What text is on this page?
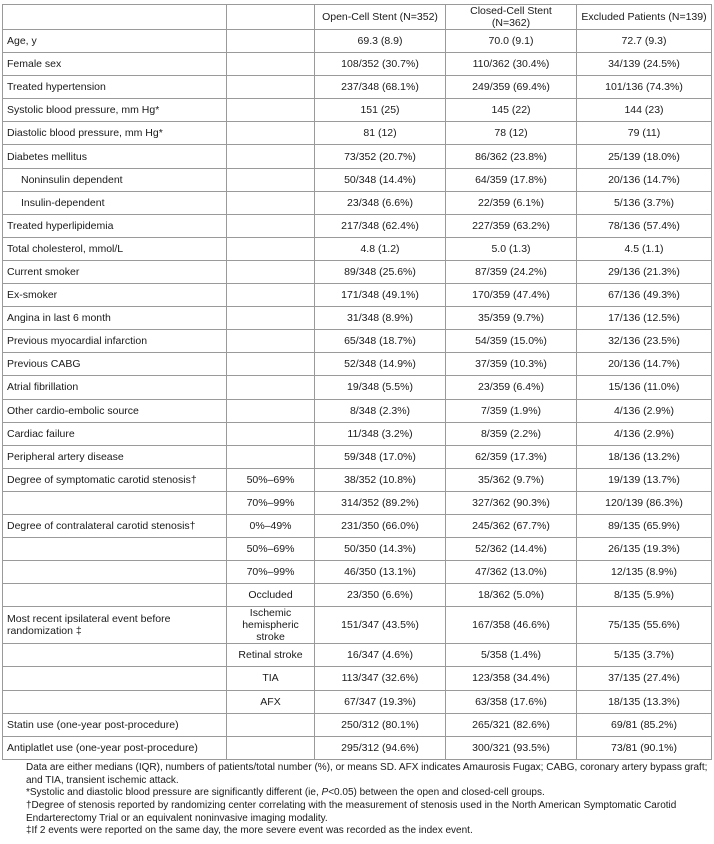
		Open-Cell Stent (N=352)	Closed-Cell Stent (N=362)	Excluded Patients (N=139)
Age, y		69.3 (8.9)	70.0 (9.1)	72.7 (9.3)
Female sex		108/352 (30.7%)	110/362 (30.4%)	34/139 (24.5%)
Treated hypertension		237/348 (68.1%)	249/359 (69.4%)	101/136 (74.3%)
Systolic blood pressure, mm Hg*		151 (25)	145 (22)	144 (23)
Diastolic blood pressure, mm Hg*		81 (12)	78 (12)	79 (11)
Diabetes mellitus		73/352 (20.7%)	86/362 (23.8%)	25/139 (18.0%)
Noninsulin dependent		50/348 (14.4%)	64/359 (17.8%)	20/136 (14.7%)
Insulin-dependent		23/348 (6.6%)	22/359 (6.1%)	5/136 (3.7%)
Treated hyperlipidemia		217/348 (62.4%)	227/359 (63.2%)	78/136 (57.4%)
Total cholesterol, mmol/L		4.8 (1.2)	5.0 (1.3)	4.5 (1.1)
Current smoker		89/348 (25.6%)	87/359 (24.2%)	29/136 (21.3%)
Ex-smoker		171/348 (49.1%)	170/359 (47.4%)	67/136 (49.3%)
Angina in last 6 month		31/348 (8.9%)	35/359 (9.7%)	17/136 (12.5%)
Previous myocardial infarction		65/348 (18.7%)	54/359 (15.0%)	32/136 (23.5%)
Previous CABG		52/348 (14.9%)	37/359 (10.3%)	20/136 (14.7%)
Atrial fibrillation		19/348 (5.5%)	23/359 (6.4%)	15/136 (11.0%)
Other cardio-embolic source		8/348 (2.3%)	7/359 (1.9%)	4/136 (2.9%)
Cardiac failure		11/348 (3.2%)	8/359 (2.2%)	4/136 (2.9%)
Peripheral artery disease		59/348 (17.0%)	62/359 (17.3%)	18/136 (13.2%)
Degree of symptomatic carotid stenosis†	50%–69%	38/352 (10.8%)	35/362 (9.7%)	19/139 (13.7%)
	70%–99%	314/352 (89.2%)	327/362 (90.3%)	120/139 (86.3%)
Degree of contralateral carotid stenosis†	0%–49%	231/350 (66.0%)	245/362 (67.7%)	89/135 (65.9%)
	50%–69%	50/350 (14.3%)	52/362 (14.4%)	26/135 (19.3%)
	70%–99%	46/350 (13.1%)	47/362 (13.0%)	12/135 (8.9%)
	Occluded	23/350 (6.6%)	18/362 (5.0%)	8/135 (5.9%)
Most recent ipsilateral event before randomization ‡	Ischemic hemispheric stroke	151/347 (43.5%)	167/358 (46.6%)	75/135 (55.6%)
	Retinal stroke	16/347 (4.6%)	5/358 (1.4%)	5/135 (3.7%)
	TIA	113/347 (32.6%)	123/358 (34.4%)	37/135 (27.4%)
	AFX	67/347 (19.3%)	63/358 (17.6%)	18/135 (13.3%)
Statin use (one-year post-procedure)		250/312 (80.1%)	265/321 (82.6%)	69/81 (85.2%)
Antiplatlet use (one-year post-procedure)		295/312 (94.6%)	300/321 (93.5%)	73/81 (90.1%)

Data are either medians (IQR), numbers of patients/total number (%), or means SD. AFX indicates Amaurosis Fugax; CABG, coronary artery bypass graft; and TIA, transient ischemic attack.

*Systolic and diastolic blood pressure are significantly different (ie, P<0.05) between the open and closed-cell groups.

†Degree of stenosis reported by randomizing center correlating with the measurement of stenosis used in the North American Symptomatic Carotid Endarterectomy Trial or an equivalent noninvasive imaging modality.

‡If 2 events were reported on the same day, the more severe event was recorded as the index event.
